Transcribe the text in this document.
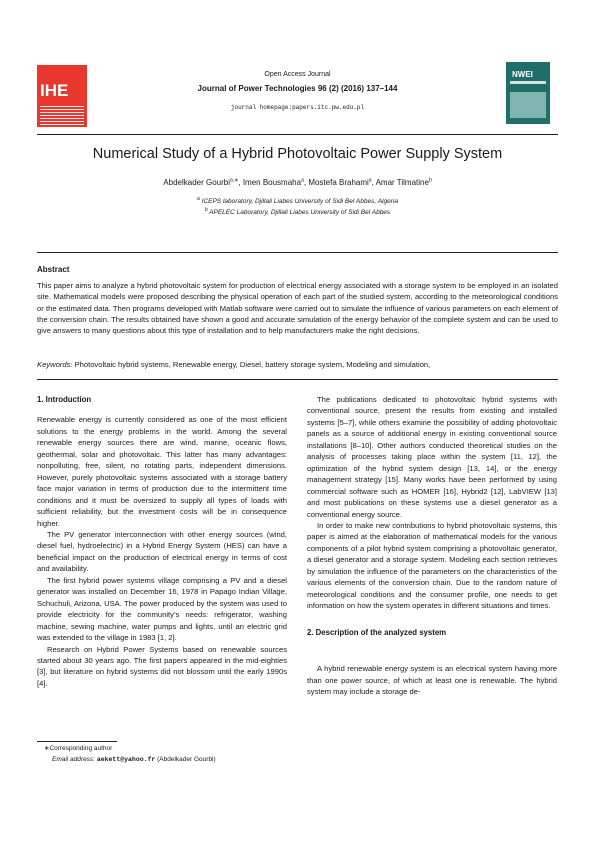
IHE
Open Access Journal
Journal of Power Technologies 96 (2) (2016) 137–144
journal homepage:papers.itc.pw.edu.pl
NWEI
Numerical Study of a Hybrid Photovoltaic Power Supply System
Abdelkader Gourbi$^{a,∗}$, Imen Bousmaha$^a$, Mostefa Brahami$^a$, Amar Tilmatine$^b$
$^a$ ICEPS laboratory, Djillali Liabes University of Sidi Bel Abbes, Algeria
$^b$ APELEC Laboratory, Djillali Liabes University of Sidi Bel Abbes
Abstract
This paper aims to analyze a hybrid photovoltaic system for production of electrical energy associated with a storage system to be employed in an isolated site. Mathematical models were proposed describing the physical operation of each part of the studied system, according to the meteorological conditions or the estimated data. Then programs developed with Matlab software were carried out to simulate the influence of various parameters on each element of the conversion chain. The results obtained have shown a good and accurate simulation of the energy behavior of the complete system and can be used to give answers to many questions about this type of installation and to help manufacturers make the right decisions.
Keywords: Photovoltaic hybrid systems, Renewable energy, Diesel, battery storage system, Modeling and simulation,

1. Introduction

Renewable energy is currently considered as one of the most efficient solutions to the energy problems in the world. Among the several renewable energy sources there are wind, marine, oceanic flows, geothermal, solar and photovoltaic. This latter has many advantages: nonpolluting, free, silent, no rotating parts, independent dimensions. However, purely photovoltaic systems associated with a storage battery face major variation in terms of production due to the intermittent time conditions and it must be oversized to supply all types of loads with sufficient reliability, but the investment costs will be in consequence higher.

The PV generator interconnection with other energy sources (wind, diesel fuel, hydroelectric) in a Hybrid Energy System (HES) can have a beneficial impact on the production of electrical energy in terms of cost and availability.

The first hybrid power systems village comprising a PV and a diesel generator was installed on December 16, 1978 in Papago Indian Village, Schuchuli, Arizona, USA. The power produced by the system was used to provide electricity for the community’s needs: refrigerator, washing machine, sewing machine, water pumps and lights, until an electric grid was extended to the village in 1983 [1, 2].

Research on Hybrid Power Systems based on renewable sources started about 30 years ago. The first papers appeared in the mid-eighties [3], but literature on hybrid systems did not blossom until the early 1990s [4].

The publications dedicated to photovoltaic hybrid systems with conventional source, present the results from existing and installed systems [5–7], while others examine the possibility of adding photovoltaic panels as a source of additional energy in existing conventional source installations [8–10]. Other authors conducted theoretical studies on the analysis of processes taking place within the system [11, 12], the optimization of the hybrid system design [13, 14], or the energy management strategy [15]. Many works have been performed by using commercial software such as HOMER [16], Hybrid2 [12], LabVIEW [13] and most publications on these systems use a diesel generator as a conventional energy source.

In order to make new contributions to hybrid photovoltaic systems, this paper is aimed at the elaboration of mathematical models for the various components of a pilot hybrid system comprising a photovoltaic generator, a diesel generator and a storage system. Modeling each section retrieves by simulation the influence of the parameters on the characteristics of the various elements of the conversion chain. Due to the random nature of meteorological conditions and the consumer profile, one needs to get information on how the system operates in different situations and times.

2. Description of the analyzed system

A hybrid renewable energy system is an electrical system having more than one power source, of which at least one is renewable. The hybrid system may include a storage de-

∗Corresponding author
Email address: aekett@yahoo.fr (Abdelkader Gourbi)
